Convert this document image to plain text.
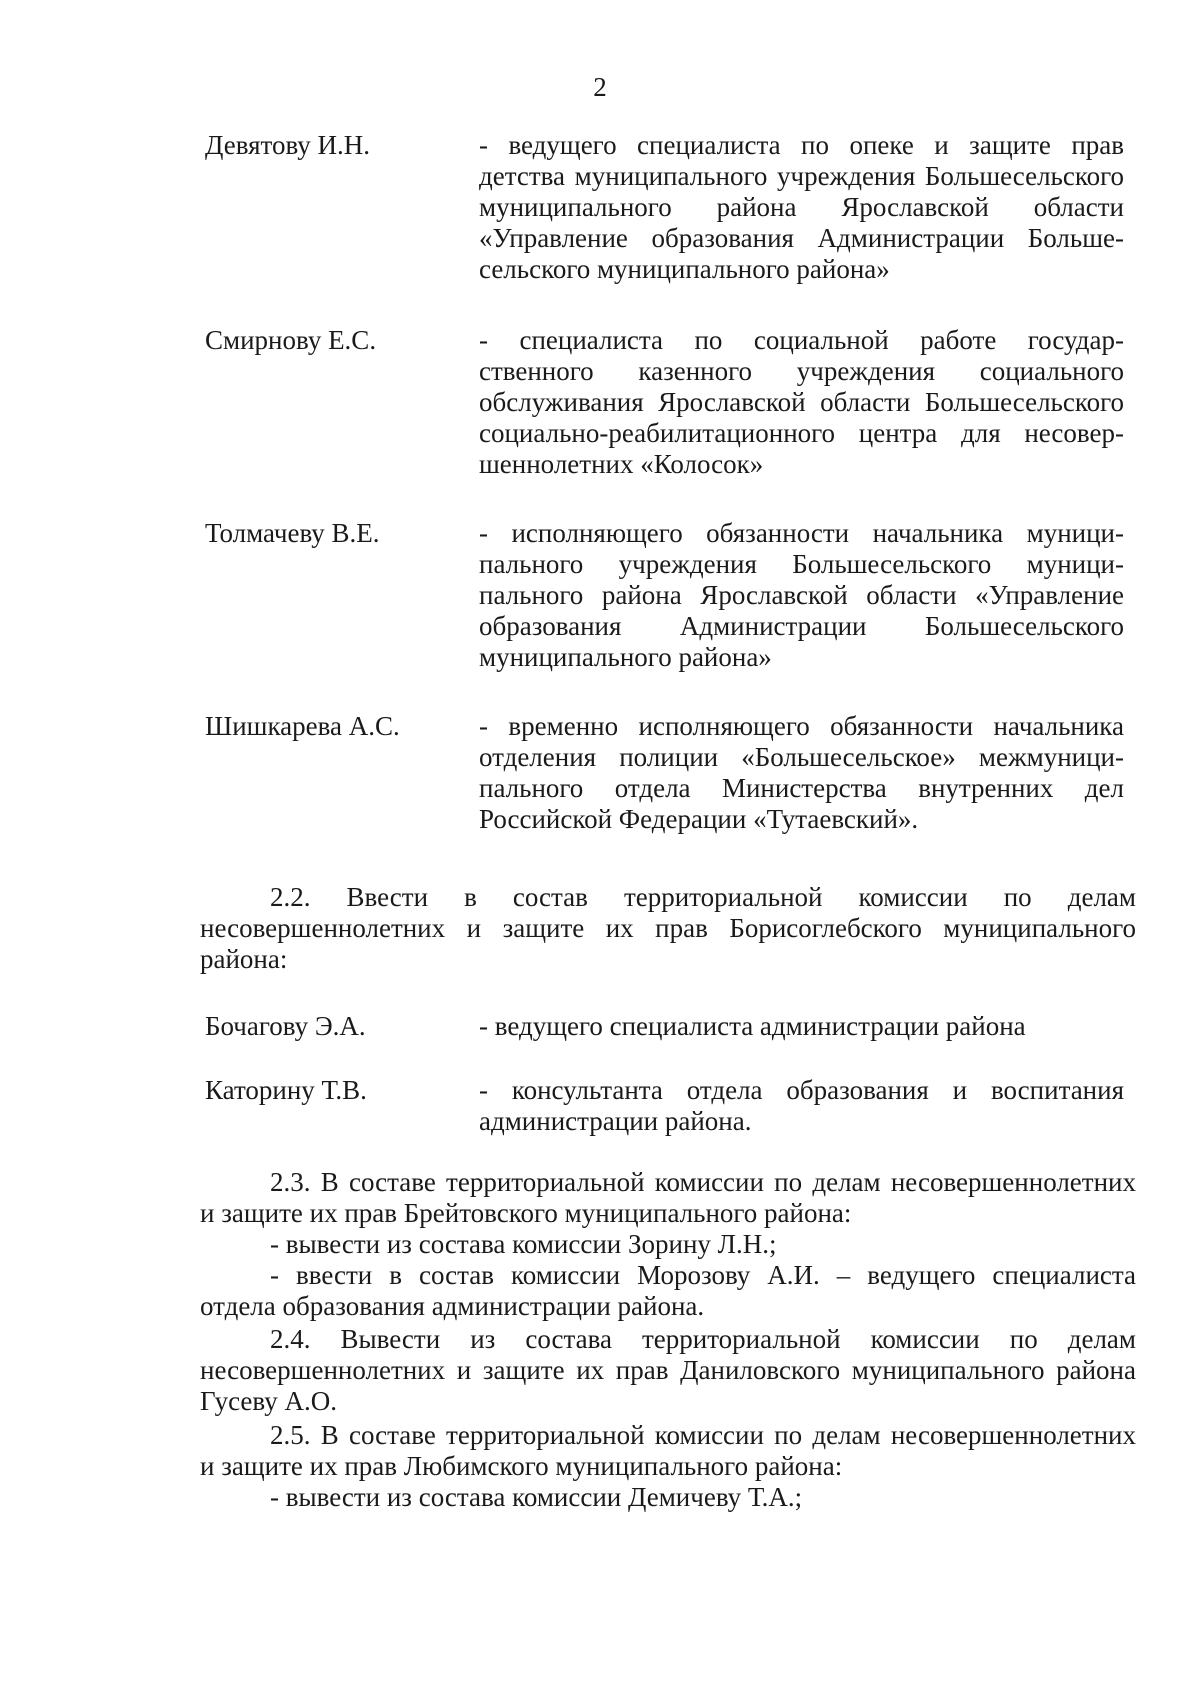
2
Девятову И.Н.	- ведущего специалиста по опеке и защите прав
детства муниципального учреждения Большесельского
муниципального района Ярославской области
«Управление образования Администрации Больше-
сельского муниципального района»
Смирнову Е.С.	- специалиста по социальной работе государ-
ственного казенного учреждения социального
обслуживания Ярославской области Большесельского
социально-реабилитационного центра для несовер-
шеннолетних «Колосок»
Толмачеву В.Е.	- исполняющего обязанности начальника муници-
пального учреждения Большесельского муници-
пального района Ярославской области «Управление
образования Администрации Большесельского
муниципального района»
Шишкарева А.С.	- временно исполняющего обязанности начальника
отделения полиции «Большесельское» межмуници-
пального отдела Министерства внутренних дел
Российской Федерации «Тутаевский».
2.2. Ввести в состав территориальной комиссии по делам
несовершеннолетних и защите их прав Борисоглебского муниципального
района:
Бочагову Э.А.	- ведущего специалиста администрации района
Каторину Т.В.	- консультанта отдела образования и воспитания
администрации района.
2.3. В составе территориальной комиссии по делам несовершеннолетних
и защите их прав Брейтовского муниципального района:
- вывести из состава комиссии Зорину Л.Н.;
- ввести в состав комиссии Морозову А.И. – ведущего специалиста
отдела образования администрации района.
2.4. Вывести из состава территориальной комиссии по делам
несовершеннолетних и защите их прав Даниловского муниципального района
Гусеву А.О.
2.5. В составе территориальной комиссии по делам несовершеннолетних
и защите их прав Любимского муниципального района:
- вывести из состава комиссии Демичеву Т.А.;
